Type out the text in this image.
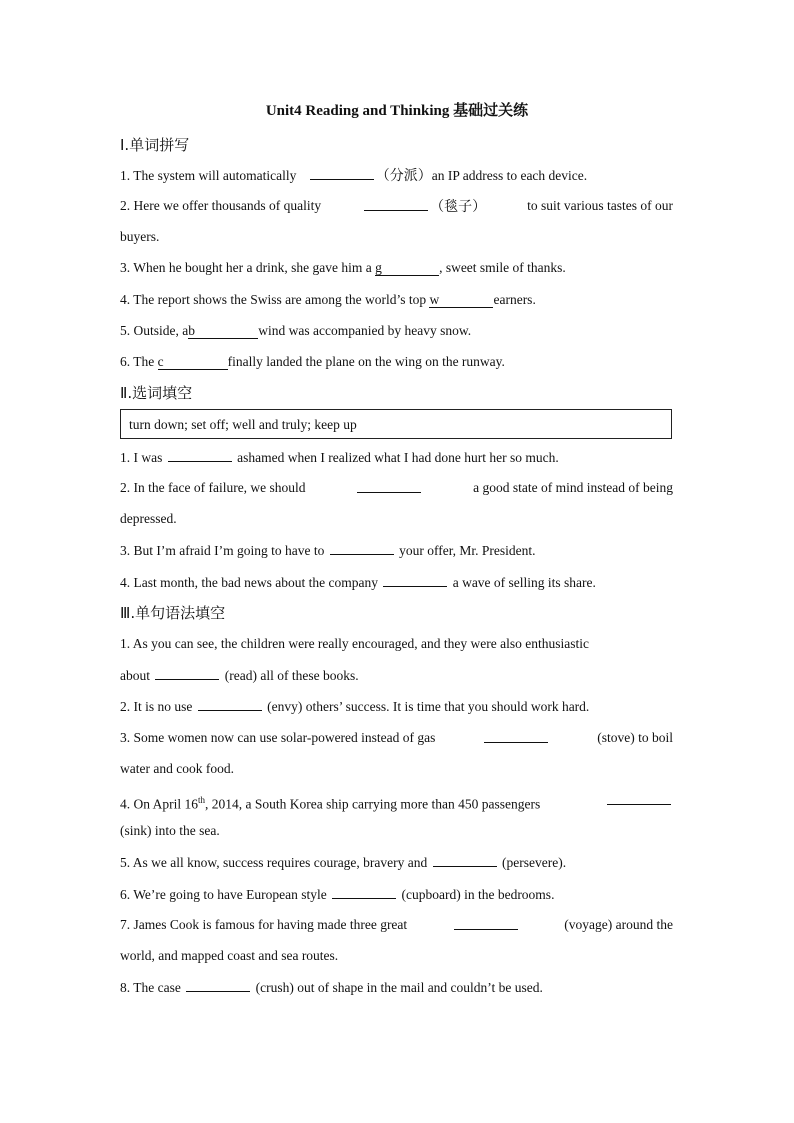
Unit4 Reading and Thinking 基础过关练
Ⅰ.单词拼写
1. The system will automatically	（分派）an IP address to each device.
2. Here we offer thousands of quality	（毯子）	to suit various tastes of our
buyers.
3. When he bought her a drink, she gave him a g	, sweet smile of thanks.
4. The report shows the Swiss are among the world’s top w	earners.
5. Outside, ab	wind was accompanied by heavy snow.
6. The c	finally landed the plane on the wing on the runway.
Ⅱ.选词填空
turn down; set off; well and truly; keep up
1. I was	ashamed when I realized what I had done hurt her so much.
2. In the face of failure, we should	a good state of mind instead of being
depressed.
3. But I’m afraid I’m going to have to	your offer, Mr. President.
4. Last month, the bad news about the company	a wave of selling its share.
Ⅲ.单句语法填空
1. As you can see, the children were really encouraged, and they were also enthusiastic
about	(read) all of these books.
2. It is no use	(envy) others’ success. It is time that you should work hard.
3. Some women now can use solar-powered instead of gas	(stove) to boil
water and cook food.
4. On April 16th, 2014, a South Korea ship carrying more than 450 passengers
(sink) into the sea.
5. As we all know, success requires courage, bravery and	(persevere).
6. We’re going to have European style	(cupboard) in the bedrooms.
7. James Cook is famous for having made three great	(voyage) around the
world, and mapped coast and sea routes.
8. The case	(crush) out of shape in the mail and couldn’t be used.
